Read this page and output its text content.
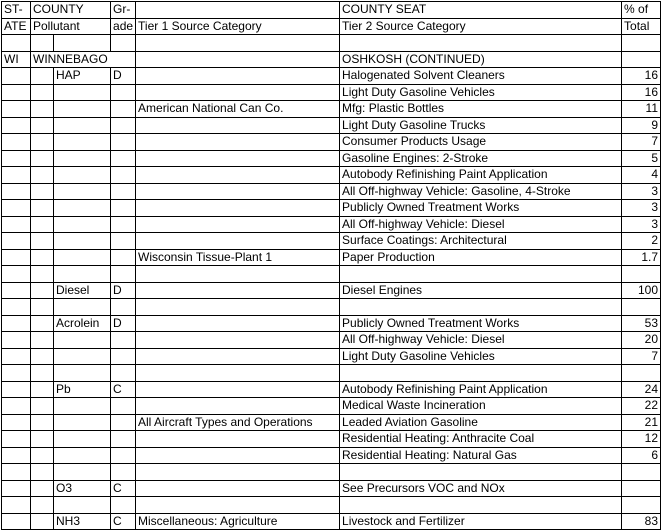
ST-	COUNTY		Gr-		COUNTY SEAT	% of
ATE	Pollutant		ade	Tier 1 Source Category	Tier 2 Source Category	Total

WI	WINNEBAGO				OSHKOSH (CONTINUED)	
		HAP	D		Halogenated Solvent Cleaners	16
					Light Duty Gasoline Vehicles	16
				American National Can Co.	Mfg: Plastic Bottles	11
					Light Duty Gasoline Trucks	9
					Consumer Products Usage	7
					Gasoline Engines: 2-Stroke	5
					Autobody Refinishing Paint Application	4
					All Off-highway Vehicle: Gasoline, 4-Stroke	3
					Publicly Owned Treatment Works	3
					All Off-highway Vehicle: Diesel	3
					Surface Coatings: Architectural	2
				Wisconsin Tissue-Plant 1	Paper Production	1.7

		Diesel	D		Diesel Engines	100

		Acrolein	D		Publicly Owned Treatment Works	53
					All Off-highway Vehicle: Diesel	20
					Light Duty Gasoline Vehicles	7

		Pb	C		Autobody Refinishing Paint Application	24
					Medical Waste Incineration	22
				All Aircraft Types and Operations	Leaded Aviation Gasoline	21
					Residential Heating: Anthracite Coal	12
					Residential Heating: Natural Gas	6

		O3	C		See Precursors VOC and NOx	

		NH3	C	Miscellaneous: Agriculture	Livestock and Fertilizer	83
